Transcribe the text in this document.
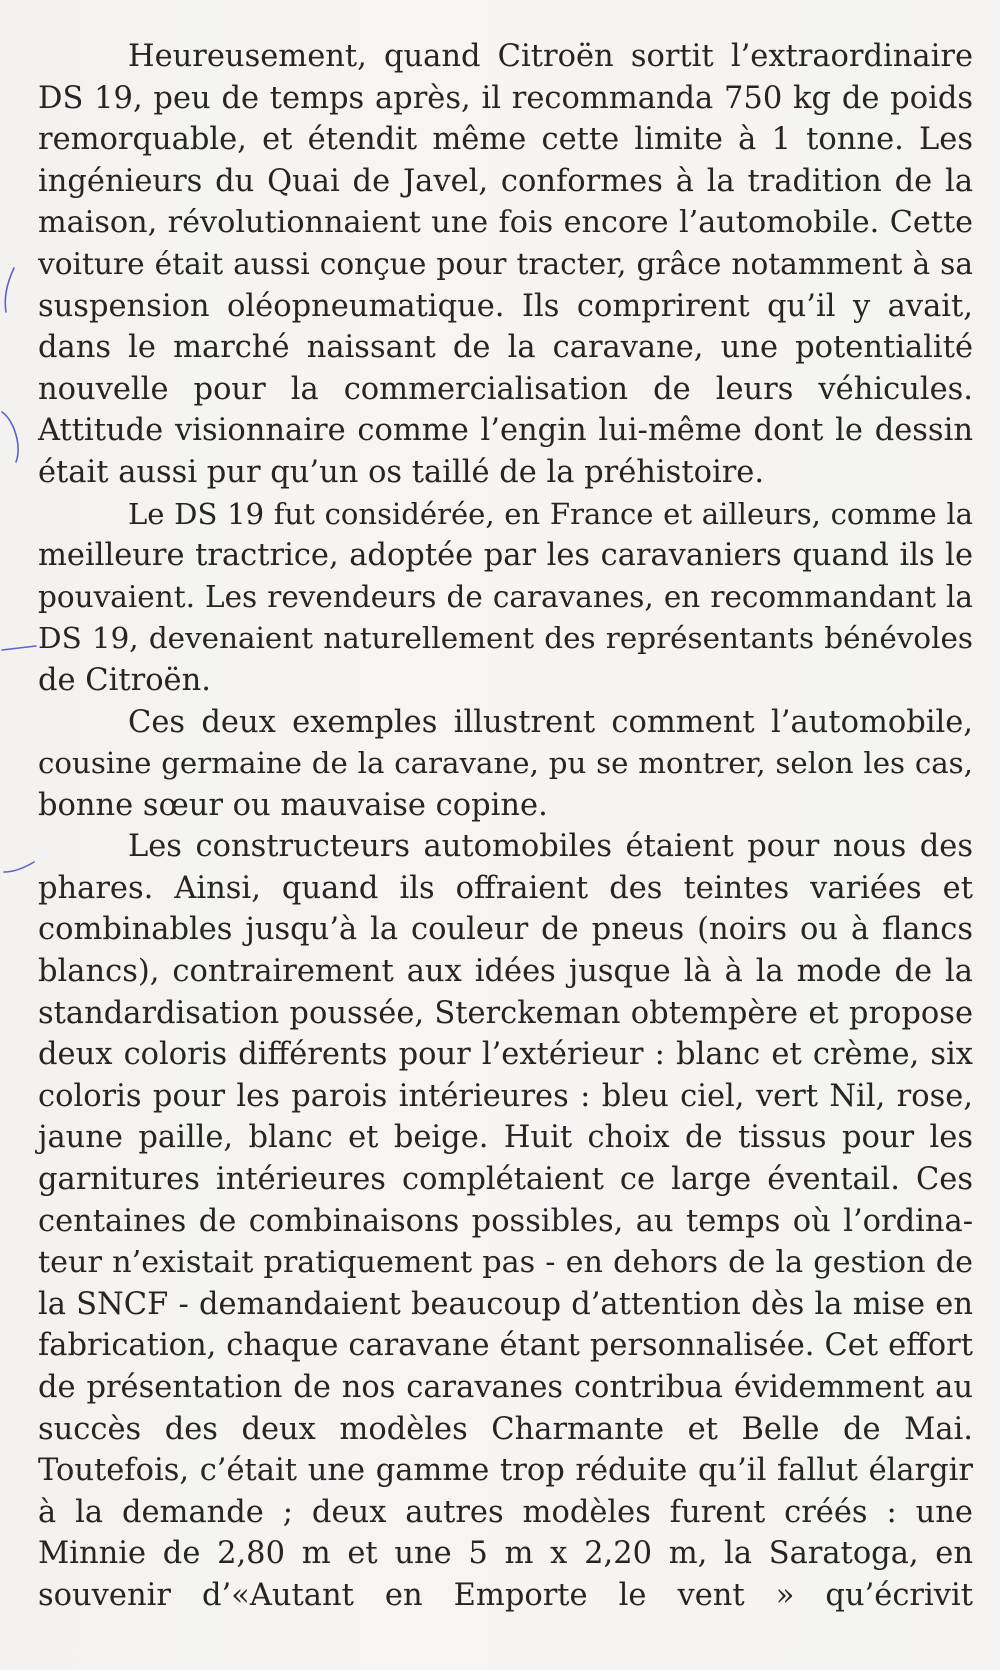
Heureusement, quand Citroën sortit l’extraordinaire
DS 19, peu de temps après, il recommanda 750 kg de poids
remorquable, et étendit même cette limite à 1 tonne. Les
ingénieurs du Quai de Javel, conformes à la tradition de la
maison, révolutionnaient une fois encore l’automobile. Cette
voiture était aussi conçue pour tracter, grâce notamment à sa
suspension oléopneumatique. Ils comprirent qu’il y avait,
dans le marché naissant de la caravane, une potentialité
nouvelle pour la commercialisation de leurs véhicules.
Attitude visionnaire comme l’engin lui-même dont le dessin
était aussi pur qu’un os taillé de la préhistoire.
Le DS 19 fut considérée, en France et ailleurs, comme la
meilleure tractrice, adoptée par les caravaniers quand ils le
pouvaient. Les revendeurs de caravanes, en recommandant la
DS 19, devenaient naturellement des représentants bénévoles
de Citroën.
Ces deux exemples illustrent comment l’automobile,
cousine germaine de la caravane, pu se montrer, selon les cas,
bonne sœur ou mauvaise copine.
Les constructeurs automobiles étaient pour nous des
phares. Ainsi, quand ils offraient des teintes variées et
combinables jusqu’à la couleur de pneus (noirs ou à flancs
blancs), contrairement aux idées jusque là à la mode de la
standardisation poussée, Sterckeman obtempère et propose
deux coloris différents pour l’extérieur : blanc et crème, six
coloris pour les parois intérieures : bleu ciel, vert Nil, rose,
jaune paille, blanc et beige. Huit choix de tissus pour les
garnitures intérieures complétaient ce large éventail. Ces
centaines de combinaisons possibles, au temps où l’ordina-
teur n’existait pratiquement pas - en dehors de la gestion de
la SNCF - demandaient beaucoup d’attention dès la mise en
fabrication, chaque caravane étant personnalisée. Cet effort
de présentation de nos caravanes contribua évidemment au
succès des deux modèles Charmante et Belle de Mai.
Toutefois, c’était une gamme trop réduite qu’il fallut élargir
à la demande ; deux autres modèles furent créés : une
Minnie de 2,80 m et une 5 m x 2,20 m, la Saratoga, en
souvenir d’«Autant en Emporte le vent » qu’écrivit
